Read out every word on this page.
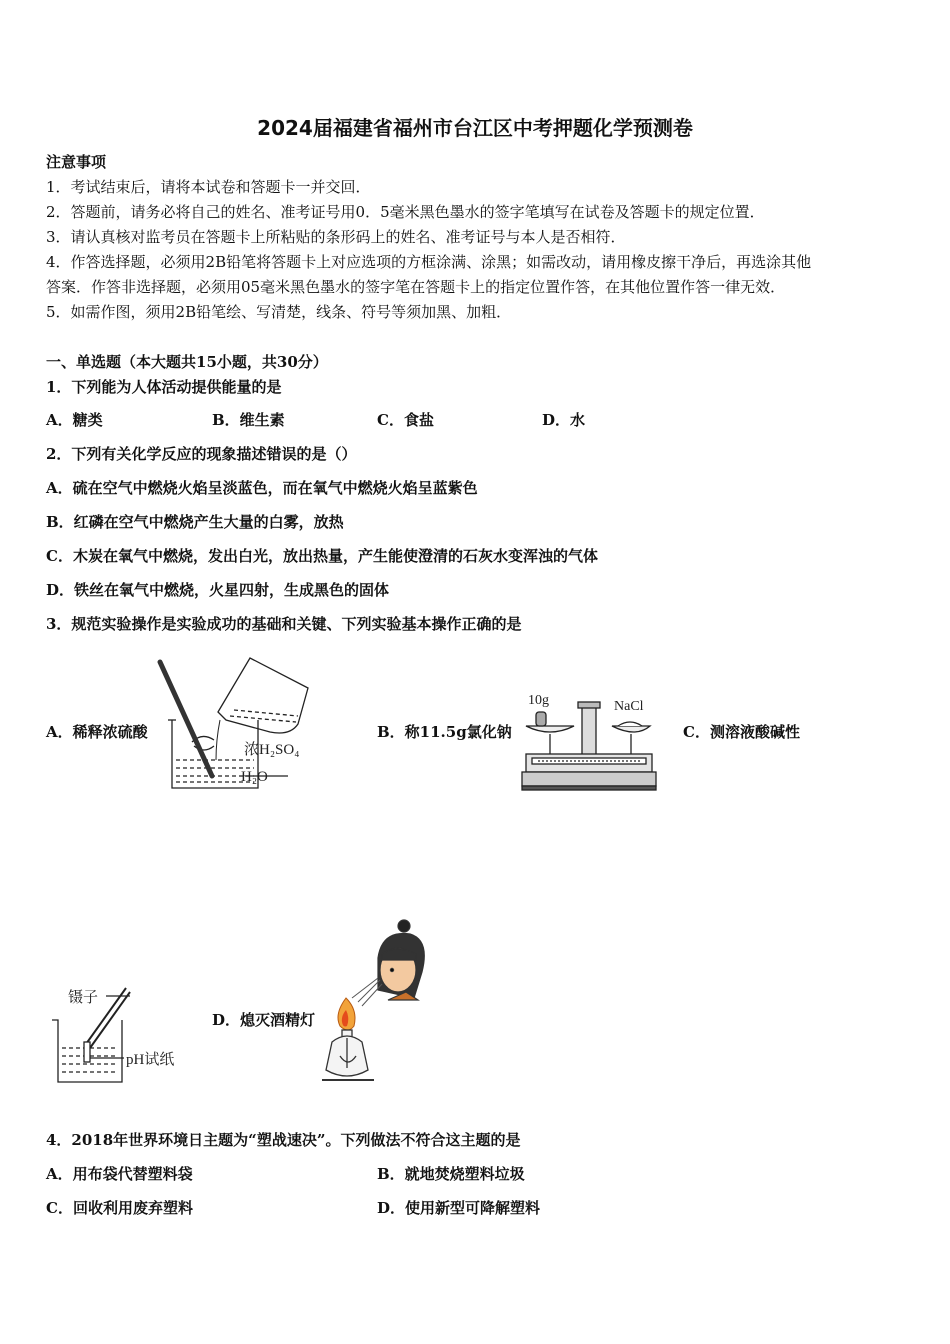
2024届福建省福州市台江区中考押题化学预测卷
注意事项
1．考试结束后，请将本试卷和答题卡一并交回．
2．答题前，请务必将自己的姓名、准考证号用0．5毫米黑色墨水的签字笔填写在试卷及答题卡的规定位置．
3．请认真核对监考员在答题卡上所粘贴的条形码上的姓名、准考证号与本人是否相符．
4．作答选择题，必须用2B铅笔将答题卡上对应选项的方框涂满、涂黑；如需改动，请用橡皮擦干净后，再选涂其他
答案．作答非选择题，必须用05毫米黑色墨水的签字笔在答题卡上的指定位置作答，在其他位置作答一律无效．
5．如需作图，须用2B铅笔绘、写清楚，线条、符号等须加黑、加粗．
一、单选题（本大题共15小题，共30分）
1．下列能为人体活动提供能量的是
A．糖类	B．维生素	C．食盐	D．水
2．下列有关化学反应的现象描述错误的是（）
A．硫在空气中燃烧火焰呈淡蓝色，而在氧气中燃烧火焰呈蓝紫色
B．红磷在空气中燃烧产生大量的白雾，放热
C．木炭在氧气中燃烧，发出白光，放出热量，产生能使澄清的石灰水变浑浊的气体
D．铁丝在氧气中燃烧，火星四射，生成黑色的固体
3．规范实验操作是实验成功的基础和关键、下列实验基本操作正确的是
A．稀释浓硫酸	B．称11.5g氯化钠	C．测溶液酸碱性
D．熄灭酒精灯
浓H₂SO₄
H₂O
10g	NaCl
镊子
pH试纸
4．2018年世界环境日主题为“塑战速决”。下列做法不符合这主题的是
A．用布袋代替塑料袋	B．就地焚烧塑料垃圾
C．回收利用废弃塑料	D．使用新型可降解塑料
